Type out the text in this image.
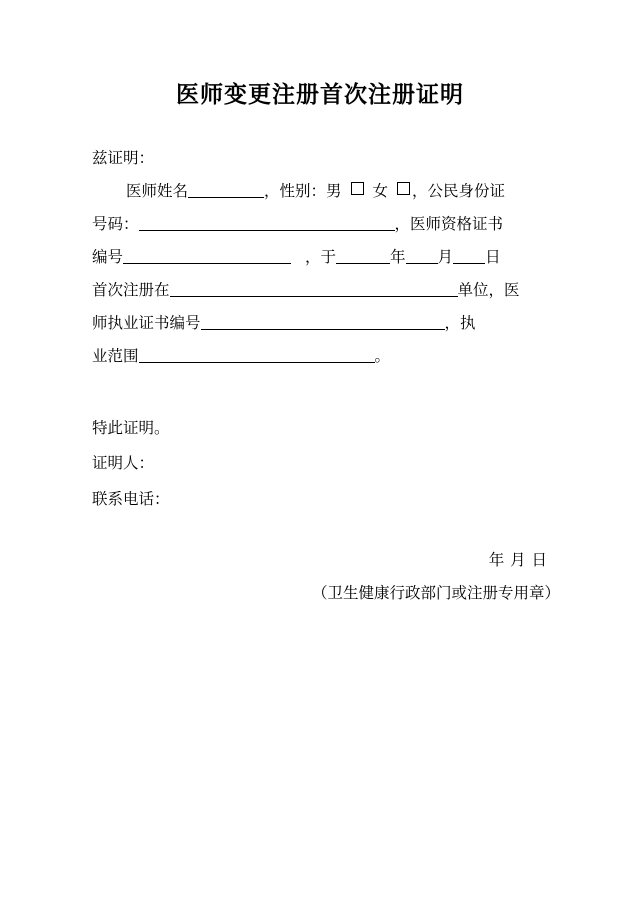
医师变更注册首次注册证明
兹证明：
医师姓名	，性别：男 女 ，公民身份证
号码：	，医师资格证书
编号	，于	年 月 日
首次注册在	单位，医
师执业证书编号	，执
业范围	。
特此证明。
证明人：
联系电话：
年 月 日
（卫生健康行政部门或注册专用章）
